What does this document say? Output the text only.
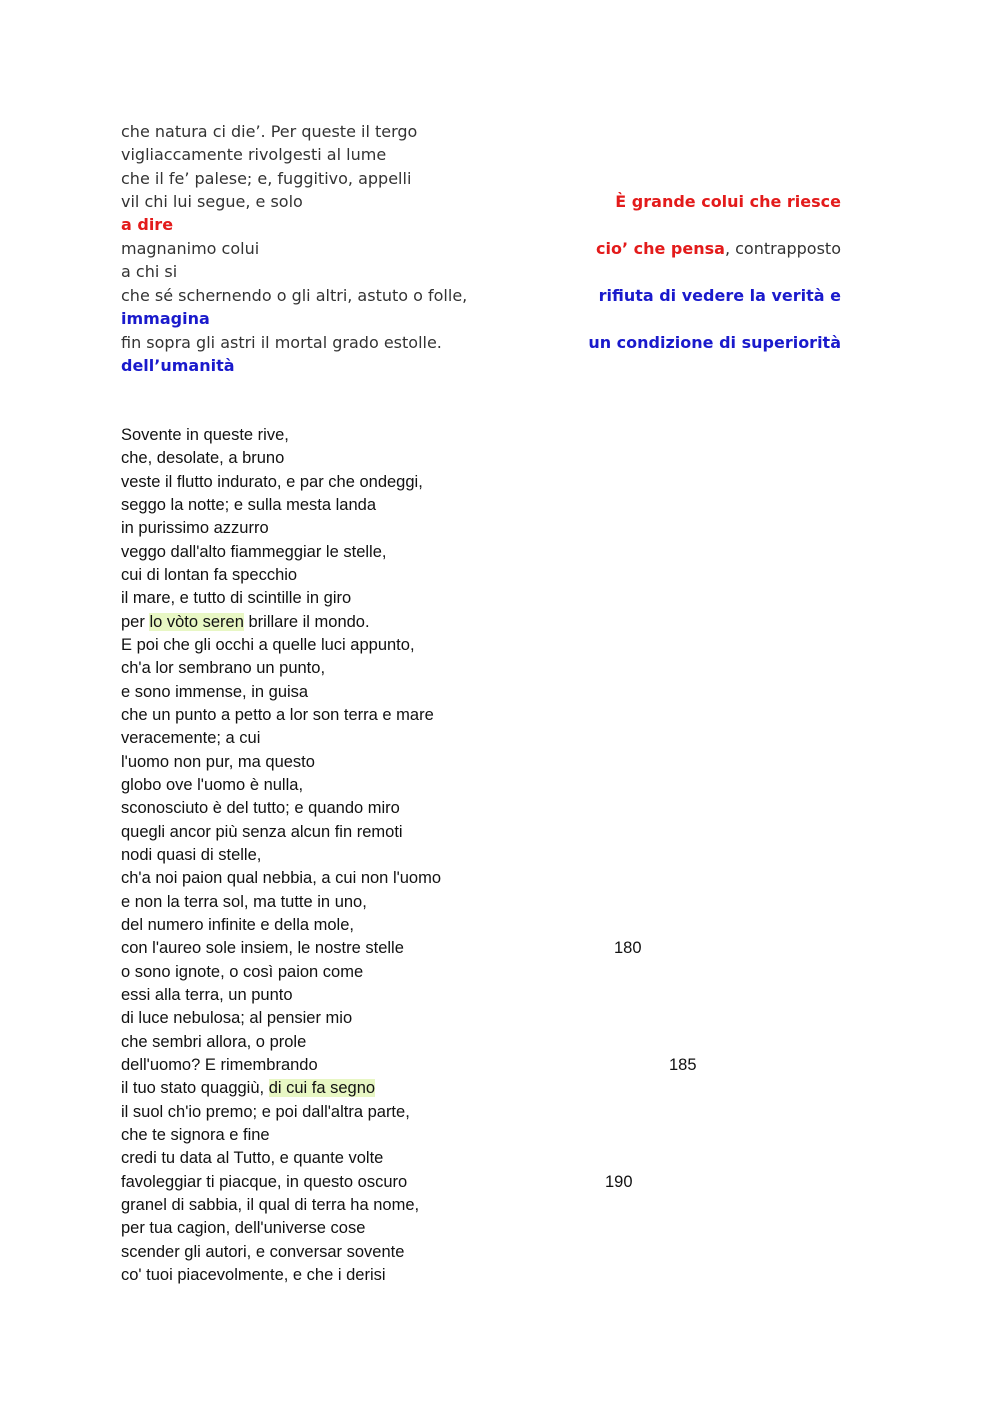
che natura ci die’. Per queste il tergo
vigliaccamente rivolgesti al lume
che il fe’ palese; e, fuggitivo, appelli
vil chi lui segue, e solo	È grande colui che riesce
a dire
magnanimo colui	cio’ che pensa, contrapposto
a chi si
che sé schernendo o gli altri, astuto o folle,	rifiuta di vedere la verità e
immagina
fin sopra gli astri il mortal grado estolle.	un condizione di superiorità
dell’umanità
Sovente in queste rive,
che, desolate, a bruno
veste il flutto indurato, e par che ondeggi,
seggo la notte; e sulla mesta landa
in purissimo azzurro
veggo dall'alto fiammeggiar le stelle,
cui di lontan fa specchio
il mare, e tutto di scintille in giro
per lo vòto seren brillare il mondo.
E poi che gli occhi a quelle luci appunto,
ch'a lor sembrano un punto,
e sono immense, in guisa
che un punto a petto a lor son terra e mare
veracemente; a cui
l'uomo non pur, ma questo
globo ove l'uomo è nulla,
sconosciuto è del tutto; e quando miro
quegli ancor più senza alcun fin remoti
nodi quasi di stelle,
ch'a noi paion qual nebbia, a cui non l'uomo
e non la terra sol, ma tutte in uno,
del numero infinite e della mole,
con l'aureo sole insiem, le nostre stelle	180
o sono ignote, o così paion come
essi alla terra, un punto
di luce nebulosa; al pensier mio
che sembri allora, o prole
dell'uomo? E rimembrando	185
il tuo stato quaggiù, di cui fa segno
il suol ch'io premo; e poi dall'altra parte,
che te signora e fine
credi tu data al Tutto, e quante volte
favoleggiar ti piacque, in questo oscuro	190
granel di sabbia, il qual di terra ha nome,
per tua cagion, dell'universe cose
scender gli autori, e conversar sovente
co' tuoi piacevolmente, e che i derisi
